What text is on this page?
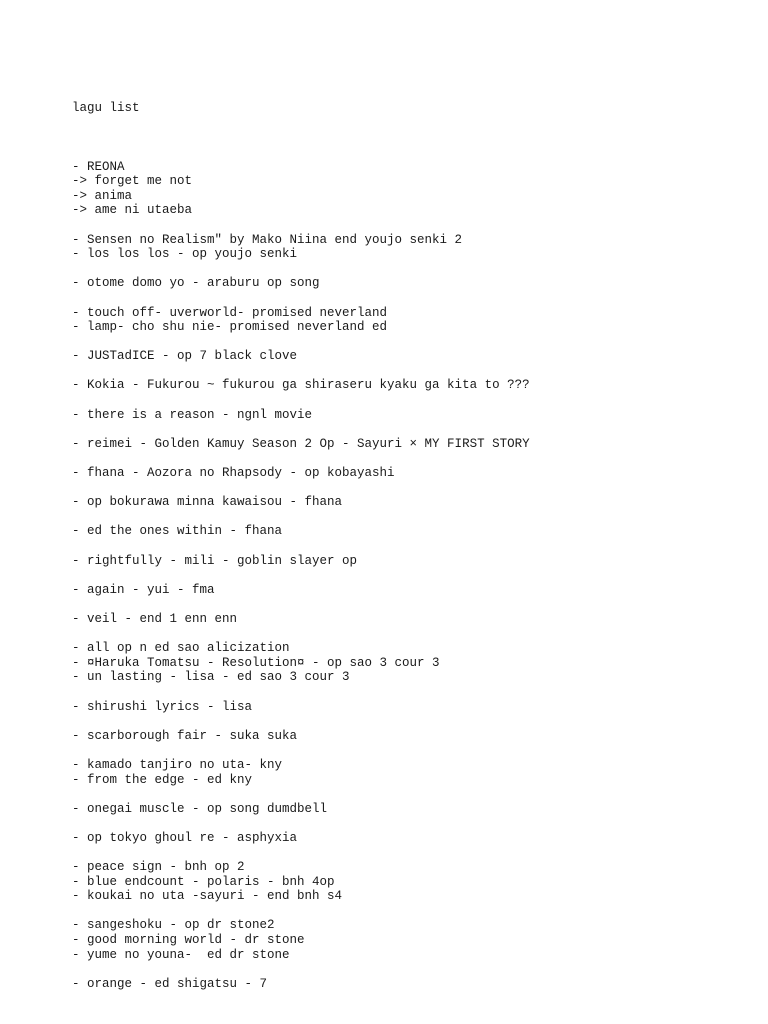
lagu list

- REONA
-> forget me not
-> anima
-> ame ni utaeba
- Sensen no Realism" by Mako Niina end youjo senki 2
- los los los - op youjo senki
- otome domo yo - araburu op song
- touch off- uverworld- promised neverland
- lamp- cho shu nie- promised neverland ed
- JUSTadICE - op 7 black clove
- Kokia - Fukurou ~ fukurou ga shiraseru kyaku ga kita to ???
- there is a reason - ngnl movie
- reimei - Golden Kamuy Season 2 Op - Sayuri × MY FIRST STORY
- fhana - Aozora no Rhapsody - op kobayashi
- op bokurawa minna kawaisou - fhana
- ed the ones within - fhana
- rightfully - mili - goblin slayer op
- again - yui - fma
- veil - end 1 enn enn
- all op n ed sao alicization
- ¤Haruka Tomatsu - Resolution¤ - op sao 3 cour 3
- un lasting - lisa - ed sao 3 cour 3
- shirushi lyrics - lisa
- scarborough fair - suka suka
- kamado tanjiro no uta- kny
- from the edge - ed kny
- onegai muscle - op song dumdbell
- op tokyo ghoul re - asphyxia
- peace sign - bnh op 2
- blue endcount - polaris - bnh 4op
- koukai no uta -sayuri - end bnh s4
- sangeshoku - op dr stone2
- good morning world - dr stone
- yume no youna-  ed dr stone
- orange - ed shigatsu - 7
